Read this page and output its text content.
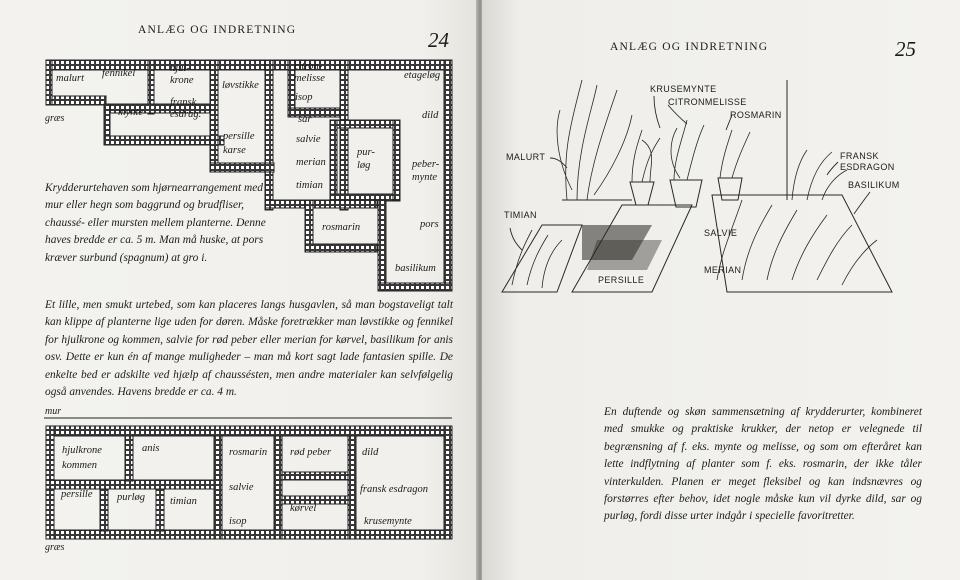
ANLÆG OG INDRETNING	24
malurt fennikel	hjul-
krone	løvstikke
citron-
melisse	etageløg
mynte
fransk
esdrag.
isop
sar	dild
persille
karse
salvie
merian
pur-
løg	peber-
mynte
timian
rosmarin	pors
basilikum
græs
Krydderurtehaven som hjørnearrangement med mur eller hegn som baggrund og brudfliser, chaussé- eller mursten mellem planterne. Denne haves bredde er ca. 5 m. Man må huske, at pors kræver surbund (spagnum) at gro i.
Et lille, men smukt urtebed, som kan placeres langs husgavlen, så man bogstaveligt talt kan klippe af planterne lige uden for døren. Måske foretrækker man løvstikke og fennikel for hjulkrone og kommen, salvie for rød peber eller merian for kørvel, basilikum for anis osv. Dette er kun én af mange muligheder – man må kort sagt lade fantasien spille. De enkelte bed er adskilte ved hjælp af chaussésten, men andre materialer kan selvfølgelig også anvendes. Havens bredde er ca. 4 m.
mur
hjulkrone
kommen
anis	rosmarin rød peber	dild
persille purløg timian
salvie
kørvel
fransk esdragon
isop	krusemynte
græs
ANLÆG OG INDRETNING	25
KRUSEMYNTE
CITRONMELISSE
ROSMARIN
MALURT	FRANSK
ESDRAGON
BASILIKUM
TIMIAN
SALVIE
MERIAN
PERSILLE
En duftende og skøn sammensætning af krydderurter, kombineret med smukke og praktiske krukker, der netop er velegnede til begrænsning af f. eks. mynte og melisse, og som om efteråret kan lette indflytning af planter som f. eks. rosmarin, der ikke tåler vinterkulden. Planen er meget fleksibel og kan indsnævres og forstørres efter behov, idet nogle måske kun vil dyrke dild, sar og purløg, fordi disse urter indgår i specielle favoritretter.
